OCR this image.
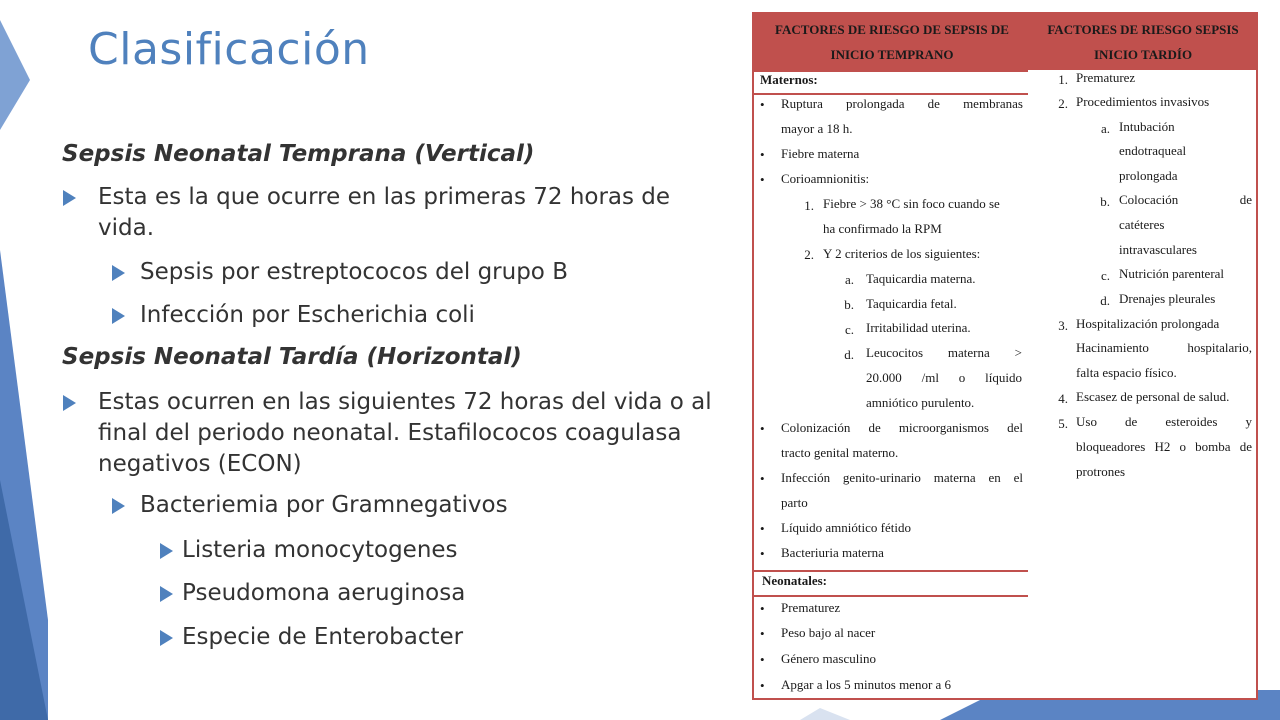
Clasificación

Sepsis Neonatal Temprana (Vertical)

Esta es la que ocurre en las primeras 72 horas de vida.
Sepsis por estreptococos del grupo B
Infección por Escherichia coli

Sepsis Neonatal Tardía (Horizontal)

Estas ocurren en las siguientes 72 horas del vida o al final del periodo neonatal. Estafilococos coagulasa negativos (ECON)
Bacteriemia por Gramnegativos
Listeria monocytogenes
Pseudomona aeruginosa
Especie de Enterobacter
FACTORES DE RIESGO DE SEPSIS DE
INICIO TEMPRANO
FACTORES DE RIESGO SEPSIS
INICIO TARDÍO
Maternos:
• Ruptura prolongada de membranas
mayor a 18 h.
• Fiebre materna
• Corioamnionitis:
1. Fiebre > 38 °C sin foco cuando se
ha confirmado la RPM
2. Y 2 criterios de los siguientes:
a. Taquicardia materna.
b. Taquicardia fetal.
c. Irritabilidad uterina.
d. Leucocitos materna >
20.000 /ml o líquido
amniótico purulento.
• Colonización de microorganismos del
tracto genital materno.
• Infección genito-urinario materna en el
parto
• Líquido amniótico fétido
• Bacteriuria materna
Neonatales:
• Prematurez
• Peso bajo al nacer
• Género masculino
• Apgar a los 5 minutos menor a 6
1. Prematurez
2. Procedimientos invasivos
a. Intubación
endotraqueal
prolongada
b. Colocación de
catéteres
intravasculares
c. Nutrición parenteral
d. Drenajes pleurales
3. Hospitalización prolongada
Hacinamiento hospitalario,
falta espacio físico.
4. Escasez de personal de salud.
5. Uso de esteroides y
bloqueadores H2 o bomba de
protrones
